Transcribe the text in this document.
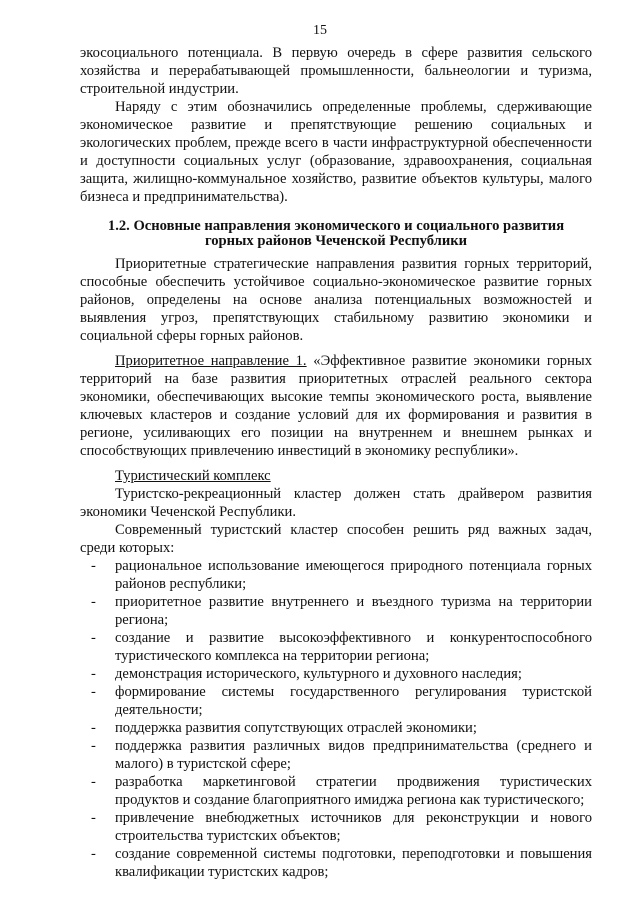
15

экосоциального потенциала. В первую очередь в сфере развития сельского хозяйства и перерабатывающей промышленности, бальнеологии и туризма, строительной индустрии.

Наряду с этим обозначились определенные проблемы, сдерживающие экономическое развитие и препятствующие решению социальных и экологических проблем, прежде всего в части инфраструктурной обеспеченности и доступности социальных услуг (образование, здравоохранения, социальная защита, жилищно-коммунальное хозяйство, развитие объектов культуры, малого бизнеса и предпринимательства).

1.2. Основные направления экономического и социального развития
горных районов Чеченской Республики

Приоритетные стратегические направления развития горных территорий, способные обеспечить устойчивое социально-экономическое развитие горных районов, определены на основе анализа потенциальных возможностей и выявления угроз, препятствующих стабильному развитию экономики и социальной сферы горных районов.

Приоритетное направление 1. «Эффективное развитие экономики горных территорий на базе развития приоритетных отраслей реального сектора экономики, обеспечивающих высокие темпы экономического роста, выявление ключевых кластеров и создание условий для их формирования и развития в регионе, усиливающих его позиции на внутреннем и внешнем рынках и способствующих привлечению инвестиций в экономику республики».

Туристический комплекс

Туристско-рекреационный кластер должен стать драйвером развития экономики Чеченской Республики.

Современный туристский кластер способен решить ряд важных задач, среди которых:

- рациональное использование имеющегося природного потенциала горных районов республики;
- приоритетное развитие внутреннего и въездного туризма на территории региона;
- создание и развитие высокоэффективного и конкурентоспособного туристического комплекса на территории региона;
- демонстрация исторического, культурного и духовного наследия;
- формирование системы государственного регулирования туристской деятельности;
- поддержка развития сопутствующих отраслей экономики;
- поддержка развития различных видов предпринимательства (среднего и малого) в туристской сфере;
- разработка маркетинговой стратегии продвижения туристических продуктов и создание благоприятного имиджа региона как туристического;
- привлечение внебюджетных источников для реконструкции и нового строительства туристских объектов;
- создание современной системы подготовки, переподготовки и повышения квалификации туристских кадров;
